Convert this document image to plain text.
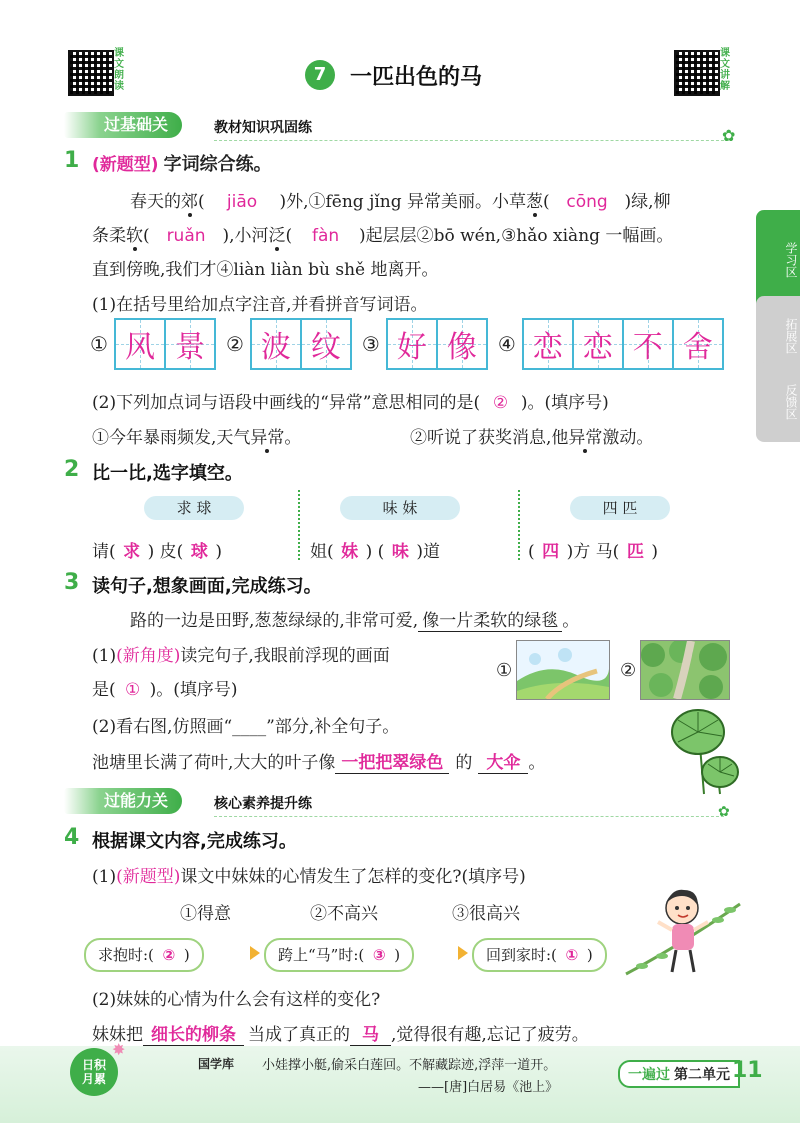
课文朗读
课文讲解
7	一匹出色的马
学习区
拓展区
反馈区
过基础关	教材知识巩固练	✿
1 (新题型) 字词综合练。
春天的郊( jiāo )外,①fēng jǐng 异常美丽。小草葱( cōng )绿,柳
条柔软( ruǎn ),小河泛( fàn )起层层②bō wén,③hǎo xiàng 一幅画。
直到傍晚,我们才④liàn liàn bù shě 地离开。
(1)在括号里给加点字注音,并看拼音写词语。
① 风 景 ② 波 纹 ③ 好 像 ④ 恋 恋 不 舍
(2)下列加点词与语段中画线的“异常”意思相同的是( ② )。(填序号)
①今年暴雨频发,天气异常。	②听说了获奖消息,他异常激动。
2 比一比,选字填空。
求 球	味 妹	四 匹
请( 求 ) 皮( 球 )	姐( 妹 ) ( 味 )道	( 四 )方 马( 匹 )
3 读句子,想象画面,完成练习。
路的一边是田野,葱葱绿绿的,非常可爱, 像一片柔软的绿毯 。
(1)(新角度)读完句子,我眼前浮现的画面
是( ① )。(填序号)
①	②
(2)看右图,仿照画“____”部分,补全句子。
池塘里长满了荷叶,大大的叶子像 一把把翠绿色 的 大伞 。
过能力关	核心素养提升练	✿
4 根据课文内容,完成练习。
(1)(新题型)课文中妹妹的心情发生了怎样的变化?(填序号)
①得意	②不高兴	③很高兴
求抱时:( ② )	跨上“马”时:( ③ )	回到家时:( ① )
(2)妹妹的心情为什么会有这样的变化?
妹妹把 细长的柳条 当成了真正的 马 ,觉得很有趣,忘记了疲劳。
日积月累
✸
国学库 小娃撑小艇,偷采白莲回。不解藏踪迹,浮萍一道开。
——[唐]白居易《池上》
一遍过 第二单元 11
